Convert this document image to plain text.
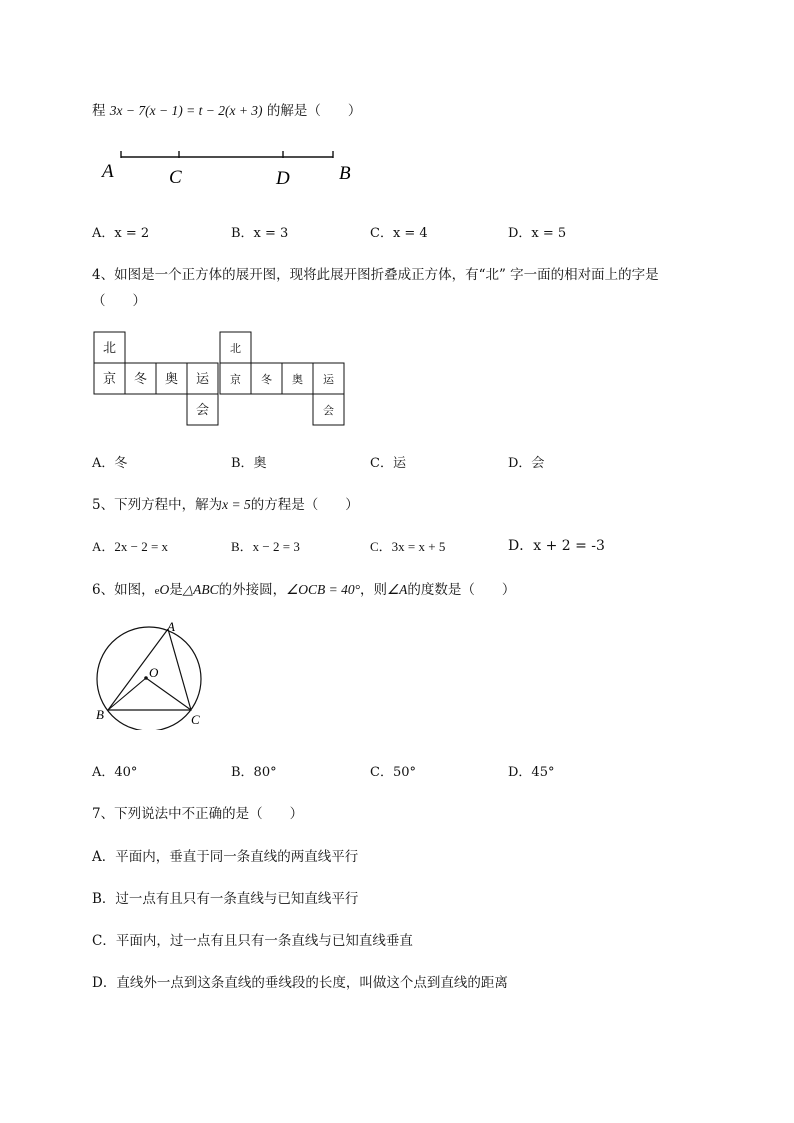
程 3x − 7(x − 1) = t − 2(x + 3) 的解是（　　）
A	C	D	B
A．x = 2	B．x = 3	C．x = 4	D．x = 5
4、如图是一个正方体的展开图，现将此展开图折叠成正方体，有“北” 字一面的相对面上的字是
（　　）
北
京 冬 奥 运
会
北
京 冬 奥 运
会
A．冬	B．奥	C．运	D．会
5、下列方程中，解为x = 5的方程是（　　）
A．2x − 2 = x	B．x − 2 = 3	C．3x = x + 5	D．x + 2 = -3
6、如图，eO是△ABC的外接圆，∠OCB = 40°，则∠A的度数是（　　）
A
B	C
O
A．40°	B．80°	C．50°	D．45°
7、下列说法中不正确的是（　　）
A．平面内，垂直于同一条直线的两直线平行
B．过一点有且只有一条直线与已知直线平行
C．平面内，过一点有且只有一条直线与已知直线垂直
D．直线外一点到这条直线的垂线段的长度，叫做这个点到直线的距离
